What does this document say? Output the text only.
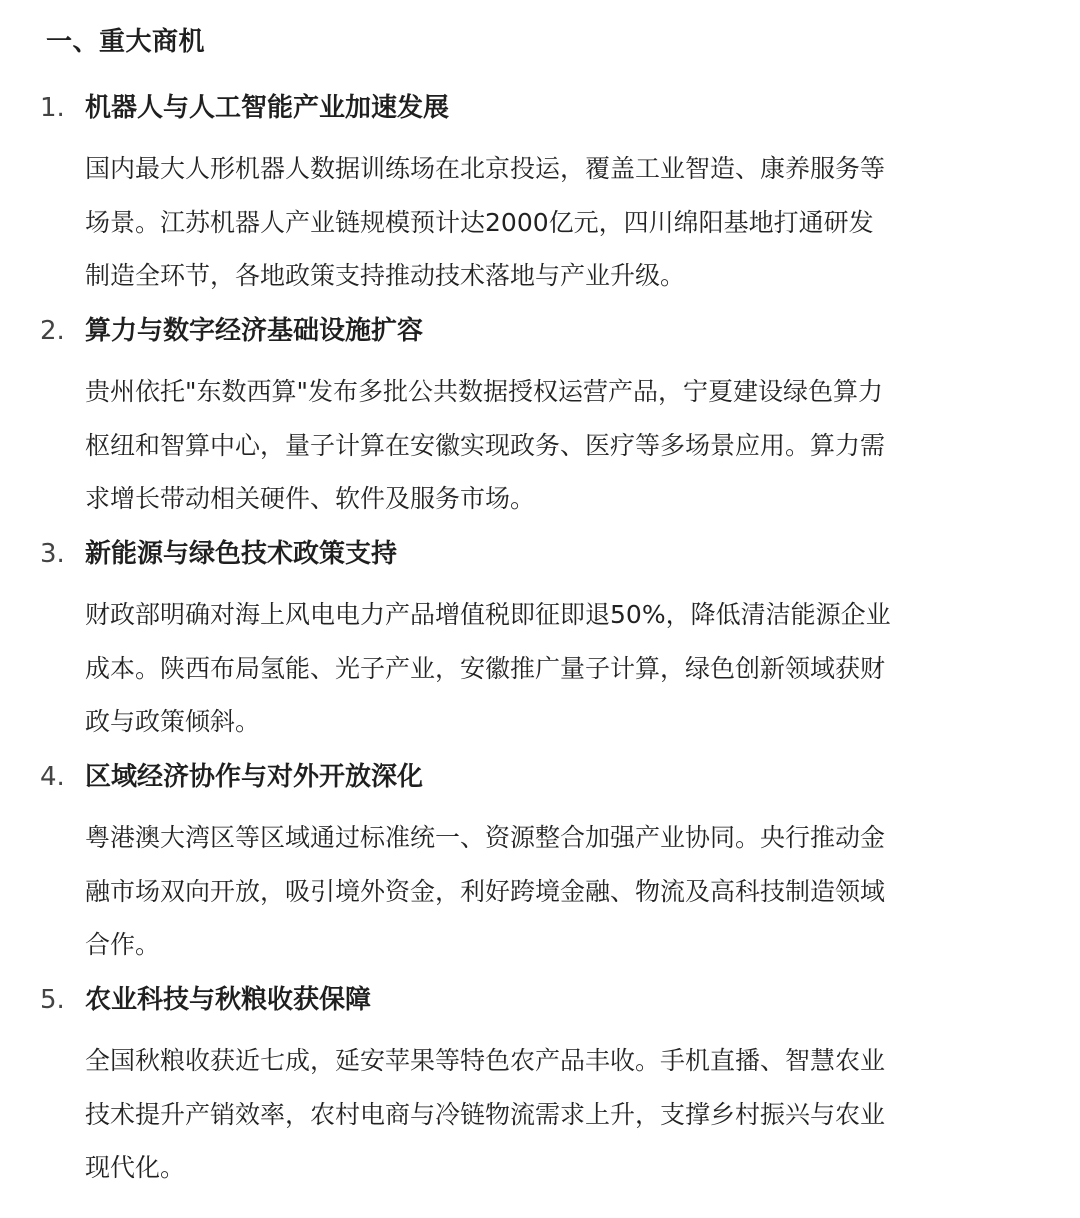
一、重大商机
1. 机器人与人工智能产业加速发展
国内最大人形机器人数据训练场在北京投运，覆盖工业智造、康养服务等
场景。江苏机器人产业链规模预计达2000亿元，四川绵阳基地打通研发
制造全环节，各地政策支持推动技术落地与产业升级。
2. 算力与数字经济基础设施扩容
贵州依托"东数西算"发布多批公共数据授权运营产品，宁夏建设绿色算力
枢纽和智算中心，量子计算在安徽实现政务、医疗等多场景应用。算力需
求增长带动相关硬件、软件及服务市场。
3. 新能源与绿色技术政策支持
财政部明确对海上风电电力产品增值税即征即退50%，降低清洁能源企业
成本。陕西布局氢能、光子产业，安徽推广量子计算，绿色创新领域获财
政与政策倾斜。
4. 区域经济协作与对外开放深化
粤港澳大湾区等区域通过标准统一、资源整合加强产业协同。央行推动金
融市场双向开放，吸引境外资金，利好跨境金融、物流及高科技制造领域
合作。
5. 农业科技与秋粮收获保障
全国秋粮收获近七成，延安苹果等特色农产品丰收。手机直播、智慧农业
技术提升产销效率，农村电商与冷链物流需求上升，支撑乡村振兴与农业
现代化。
